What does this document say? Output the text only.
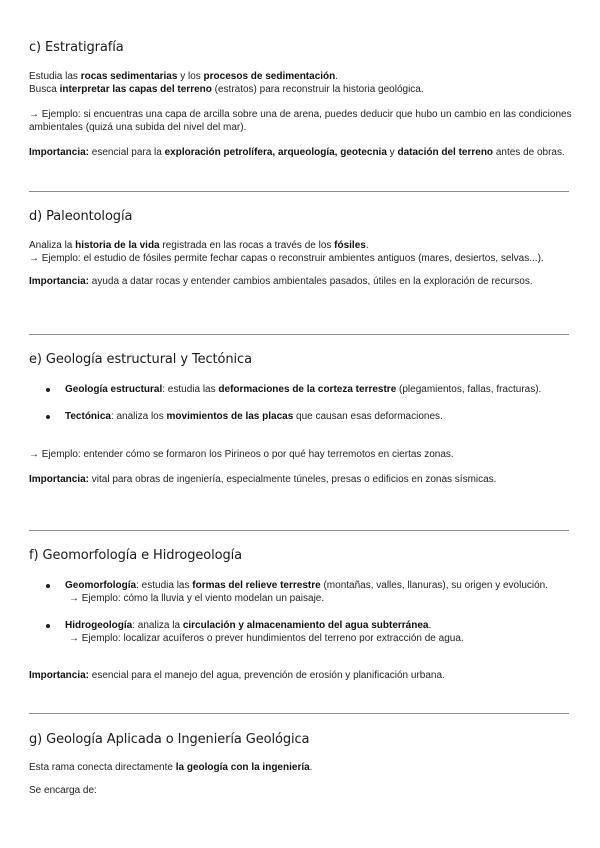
c) Estratigrafía

Estudia las rocas sedimentarias y los procesos de sedimentación.

Busca interpretar las capas del terreno (estratos) para reconstruir la historia geológica.

→ Ejemplo: si encuentras una capa de arcilla sobre una de arena, puedes deducir que hubo un cambio en las condiciones ambientales (quizá una subida del nivel del mar).

Importancia: esencial para la exploración petrolífera, arqueología, geotecnia y datación del terreno antes de obras.

d) Paleontología

Analiza la historia de la vida registrada en las rocas a través de los fósiles.

→ Ejemplo: el estudio de fósiles permite fechar capas o reconstruir ambientes antiguos (mares, desiertos, selvas...).

Importancia: ayuda a datar rocas y entender cambios ambientales pasados, útiles en la exploración de recursos.

e) Geología estructural y Tectónica
Geología estructural: estudia las deformaciones de la corteza terrestre (plegamientos, fallas, fracturas).
Tectónica: analiza los movimientos de las placas que causan esas deformaciones.

→ Ejemplo: entender cómo se formaron los Pirineos o por qué hay terremotos en ciertas zonas.

Importancia: vital para obras de ingeniería, especialmente túneles, presas o edificios en zonas sísmicas.

f) Geomorfología e Hidrogeología
Geomorfología: estudia las formas del relieve terrestre (montañas, valles, llanuras), su origen y evolución.
→ Ejemplo: cómo la lluvia y el viento modelan un paisaje.
Hidrogeología: analiza la circulación y almacenamiento del agua subterránea.
→ Ejemplo: localizar acuíferos o prever hundimientos del terreno por extracción de agua.

Importancia: esencial para el manejo del agua, prevención de erosión y planificación urbana.

g) Geología Aplicada o Ingeniería Geológica

Esta rama conecta directamente la geología con la ingeniería.

Se encarga de:
